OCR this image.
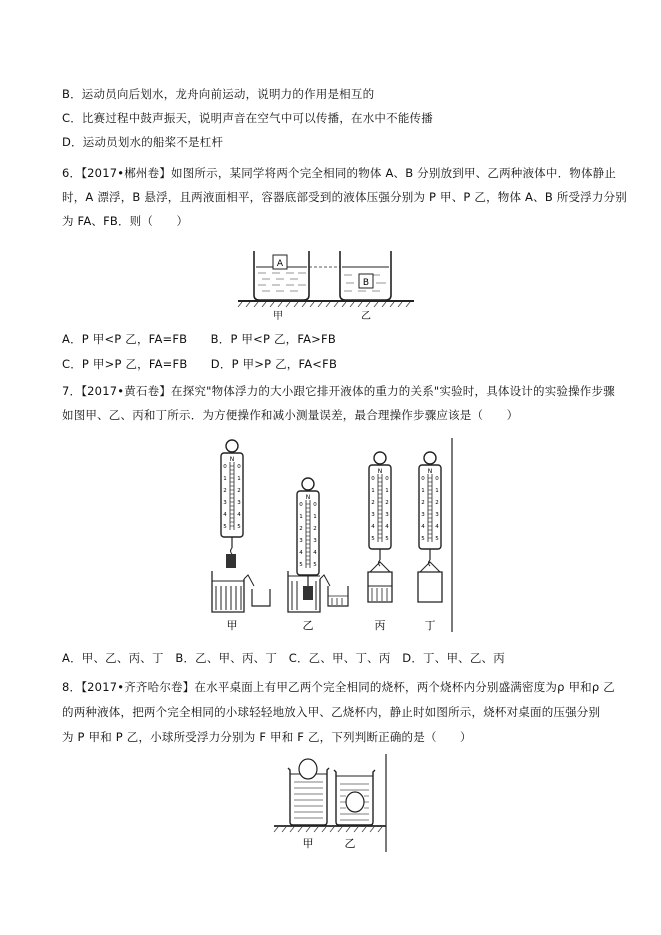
B．运动员向后划水，龙舟向前运动，说明力的作用是相互的
C．比赛过程中鼓声振天，说明声音在空气中可以传播，在水中不能传播
D．运动员划水的船桨不是杠杆
6．【2017•郴州卷】如图所示，某同学将两个完全相同的物体 A、B 分别放到甲、乙两种液体中．物体静止
时，A 漂浮，B 悬浮，且两液面相平，容器底部受到的液体压强分别为 P 甲、P 乙，物体 A、B 所受浮力分别
为 FA、FB．则（　　）
A
B
甲	乙
A．P 甲<P 乙，FA=FB　　B．P 甲<P 乙，FA>FB
C．P 甲>P 乙，FA=FB　　D．P 甲>P 乙，FA<FB
7．【2017•黄石卷】在探究"物体浮力的大小跟它排开液体的重力的关系"实验时，具体设计的实验操作步骤
如图甲、乙、丙和丁所示．为方便操作和减小测量误差，最合理操作步骤应该是（　　）
N
0 0
1 1
2 2
3 3
4 4
5 5
甲
N
0 0
1 1
2 2
3 3
4 4
5 5
乙
N
0 0
1 1
2 2
3 3
4 4
5 5
丙
N
0 0
1 1
2 2
3 3
4 4
5 5
丁
A．甲、乙、丙、丁　B．乙、甲、丙、丁　C．乙、甲、丁、丙　D．丁、甲、乙、丙
8．【2017•齐齐哈尔卷】在水平桌面上有甲乙两个完全相同的烧杯，两个烧杯内分别盛满密度为ρ 甲和ρ 乙
的两种液体，把两个完全相同的小球轻轻地放入甲、乙烧杯内，静止时如图所示，烧杯对桌面的压强分别
为 P 甲和 P 乙，小球所受浮力分别为 F 甲和 F 乙，下列判断正确的是（　　）
甲	乙
